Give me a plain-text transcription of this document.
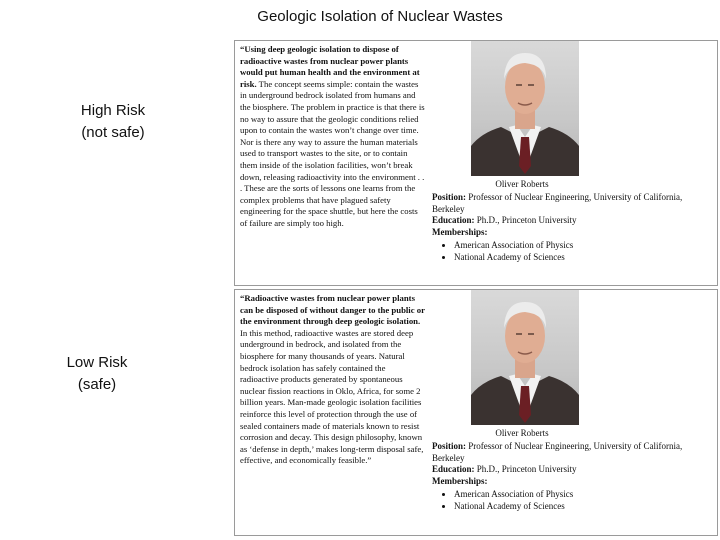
Geologic Isolation of Nuclear Wastes
High Risk
(not safe)
Low Risk
(safe)
“Using deep geologic isolation to dispose of radioactive wastes from nuclear power plants would put human health and the environment at risk. The concept seems simple: contain the wastes in underground bedrock isolated from humans and the biosphere. The problem in practice is that there is no way to assure that the geologic conditions relied upon to contain the wastes won’t change over time. Nor is there any way to assure the human materials used to transport wastes to the site, or to contain them inside of the isolation facilities, won’t break down, releasing radioactivity into the environment . . . These are the sorts of lessons one learns from the complex problems that have plagued safety engineering for the space shuttle, but here the costs of failure are simply too high.
Oliver Roberts
Position: Professor of Nuclear Engineering, University of California, Berkeley
Education: Ph.D., Princeton University
Memberships:
• American Association of Physics
• National Academy of Sciences
“Radioactive wastes from nuclear power plants can be disposed of without danger to the public or the environment through deep geologic isolation. In this method, radioactive wastes are stored deep underground in bedrock, and isolated from the biosphere for many thousands of years. Natural bedrock isolation has safely contained the radioactive products generated by spontaneous nuclear fission reactions in Oklo, Africa, for some 2 billion years. Man-made geologic isolation facilities reinforce this level of protection through the use of sealed containers made of materials known to resist corrosion and decay. This design philosophy, known as ‘defense in depth,’ makes long-term disposal safe, effective, and economically feasible.”
Oliver Roberts
Position: Professor of Nuclear Engineering, University of California, Berkeley
Education: Ph.D., Princeton University
Memberships:
• American Association of Physics
• National Academy of Sciences
